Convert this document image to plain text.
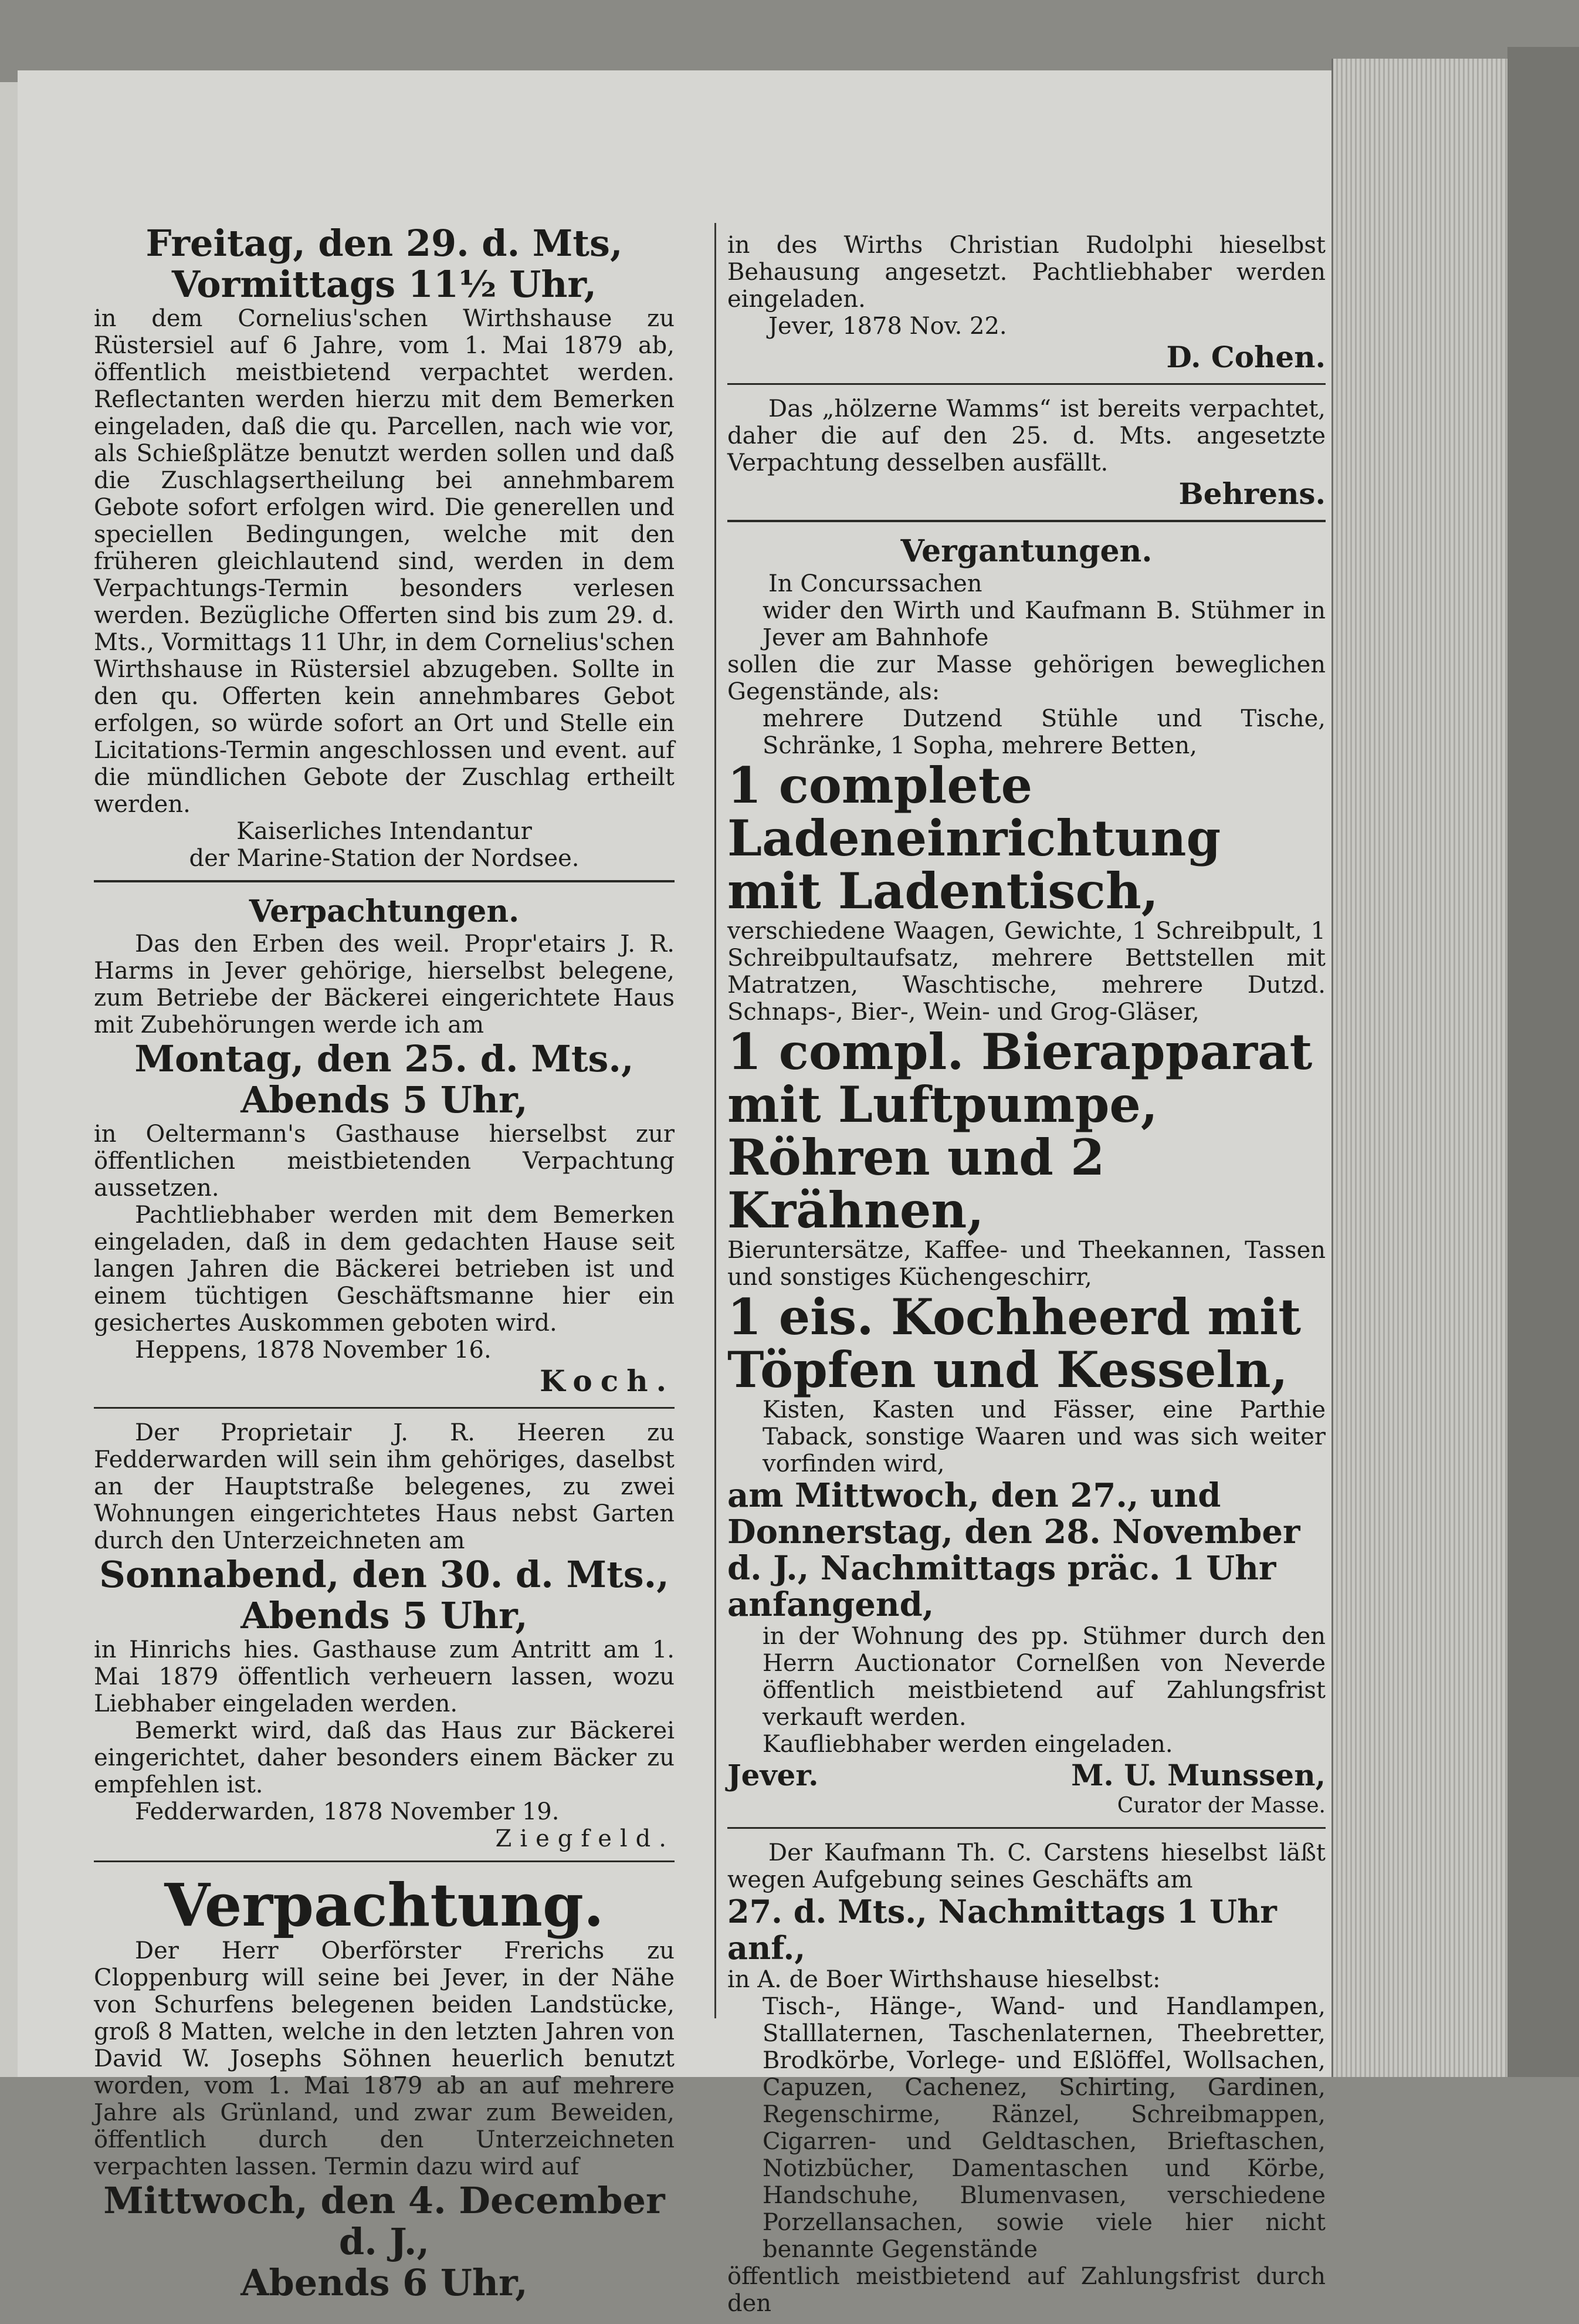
Freitag, den 29. d. Mts,
Vormittags 11½ Uhr,

in dem Cornelius'schen Wirthshause zu Rüstersiel auf 6 Jahre, vom 1. Mai 1879 ab, öffentlich meistbietend verpachtet werden. Reflectanten werden hierzu mit dem Bemerken eingeladen, daß die qu. Parcellen, nach wie vor, als Schießplätze benutzt werden sollen und daß die Zuschlagsertheilung bei annehmbarem Gebote sofort erfolgen wird. Die generellen und speciellen Bedingungen, welche mit den früheren gleichlautend sind, werden in dem Verpachtungs-Termin besonders verlesen werden. Bezügliche Offerten sind bis zum 29. d. Mts., Vormittags 11 Uhr, in dem Cornelius'schen Wirthshause in Rüstersiel abzugeben. Sollte in den qu. Offerten kein annehmbares Gebot erfolgen, so würde sofort an Ort und Stelle ein Licitations-Termin angeschlossen und event. auf die mündlichen Gebote der Zuschlag ertheilt werden.

Kaiserliches Intendantur

der Marine-Station der Nordsee.

Verpachtungen.

Das den Erben des weil. Propr'etairs J. R. Harms in Jever gehörige, hierselbst belegene, zum Betriebe der Bäckerei eingerichtete Haus mit Zubehörungen werde ich am

Montag, den 25. d. Mts.,
Abends 5 Uhr,

in Oeltermann's Gasthause hierselbst zur öffentlichen meistbietenden Verpachtung aussetzen.

Pachtliebhaber werden mit dem Bemerken eingeladen, daß in dem gedachten Hause seit langen Jahren die Bäckerei betrieben ist und einem tüchtigen Geschäftsmanne hier ein gesichertes Auskommen geboten wird.

Heppens, 1878 November 16.

Koch.

Der Proprietair J. R. Heeren zu Fedderwarden will sein ihm gehöriges, daselbst an der Hauptstraße belegenes, zu zwei Wohnungen eingerichtetes Haus nebst Garten durch den Unterzeichneten am

Sonnabend, den 30. d. Mts.,
Abends 5 Uhr,

in Hinrichs hies. Gasthause zum Antritt am 1. Mai 1879 öffentlich verheuern lassen, wozu Liebhaber eingeladen werden.

Bemerkt wird, daß das Haus zur Bäckerei eingerichtet, daher besonders einem Bäcker zu empfehlen ist.

Fedderwarden, 1878 November 19.

Ziegfeld.

Verpachtung.

Der Herr Oberförster Frerichs zu Cloppenburg will seine bei Jever, in der Nähe von Schurfens belegenen beiden Landstücke, groß 8 Matten, welche in den letzten Jahren von David W. Josephs Söhnen heuerlich benutzt worden, vom 1. Mai 1879 ab an auf mehrere Jahre als Grünland, und zwar zum Beweiden, öffentlich durch den Unterzeichneten verpachten lassen. Termin dazu wird auf

Mittwoch, den 4. December d. J.,
Abends 6 Uhr,

in des Wirths Christian Rudolphi hieselbst Behausung angesetzt. Pachtliebhaber werden eingeladen.

Jever, 1878 Nov. 22.

D. Cohen.

Das „hölzerne Wamms“ ist bereits verpachtet, daher die auf den 25. d. Mts. angesetzte Verpachtung desselben ausfällt.

Behrens.

Vergantungen.

In Concurssachen

wider den Wirth und Kaufmann B. Stühmer in Jever am Bahnhofe

sollen die zur Masse gehörigen beweglichen Gegenstände, als:

mehrere Dutzend Stühle und Tische, Schränke, 1 Sopha, mehrere Betten,

1 complete Ladeneinrichtung mit Ladentisch,

verschiedene Waagen, Gewichte, 1 Schreibpult, 1 Schreibpultaufsatz, mehrere Bettstellen mit Matratzen, Waschtische, mehrere Dutzd. Schnaps-, Bier-, Wein- und Grog-Gläser,

1 compl. Bierapparat mit Luftpumpe, Röhren und 2 Krähnen,

Bieruntersätze, Kaffee- und Theekannen, Tassen und sonstiges Küchengeschirr,

1 eis. Kochheerd mit Töpfen und Kesseln,

Kisten, Kasten und Fässer, eine Parthie Taback, sonstige Waaren und was sich weiter vorfinden wird,

am Mittwoch, den 27., und Donnerstag, den 28. November d. J., Nachmittags präc. 1 Uhr anfangend,

in der Wohnung des pp. Stühmer durch den Herrn Auctionator Cornelßen von Neverde öffentlich meistbietend auf Zahlungsfrist verkauft werden.

Kaufliebhaber werden eingeladen.

Jever.	M. U. Munssen,

Curator der Masse.

Der Kaufmann Th. C. Carstens hieselbst läßt wegen Aufgebung seines Geschäfts am

27. d. Mts., Nachmittags 1 Uhr anf.,

in A. de Boer Wirthshause hieselbst:

Tisch-, Hänge-, Wand- und Handlampen, Stalllaternen, Taschenlaternen, Theebretter, Brodkörbe, Vorlege- und Eßlöffel, Wollsachen, Capuzen, Cachenez, Schirting, Gardinen, Regenschirme, Ränzel, Schreibmappen, Cigarren- und Geldtaschen, Brieftaschen, Notizbücher, Damentaschen und Körbe, Handschuhe, Blumenvasen, verschiedene Porzellansachen, sowie viele hier nicht benannte Gegenstände

öffentlich meistbietend auf Zahlungsfrist durch den
